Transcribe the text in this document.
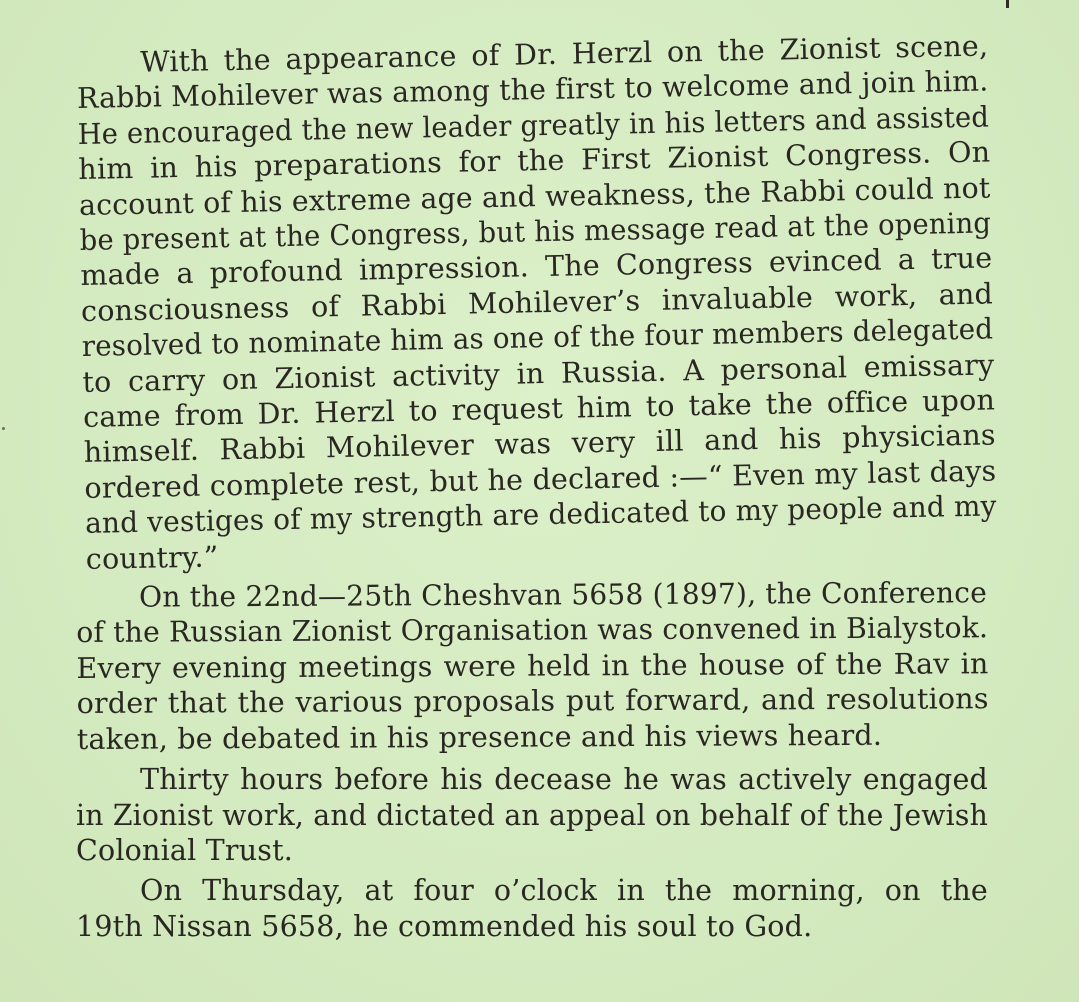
With the appearance of Dr. Herzl on the Zionist scene,
Rabbi Mohilever was among the first to welcome and join him.
He encouraged the new leader greatly in his letters and assisted
him in his preparations for the First Zionist Congress. On
account of his extreme age and weakness, the Rabbi could not
be present at the Congress, but his message read at the opening
made a profound impression. The Congress evinced a true
consciousness of Rabbi Mohilever’s invaluable work, and
resolved to nominate him as one of the four members delegated
to carry on Zionist activity in Russia. A personal emissary
came from Dr. Herzl to request him to take the office upon
himself. Rabbi Mohilever was very ill and his physicians
ordered complete rest, but he declared :—“ Even my last days
and vestiges of my strength are dedicated to my people and my
country.”
On the 22nd—25th Cheshvan 5658 (1897), the Conference
of the Russian Zionist Organisation was convened in Bialystok.
Every evening meetings were held in the house of the Rav in
order that the various proposals put forward, and resolutions
taken, be debated in his presence and his views heard.
Thirty hours before his decease he was actively engaged
in Zionist work, and dictated an appeal on behalf of the Jewish
Colonial Trust.
On Thursday, at four o’clock in the morning, on the
19th Nissan 5658, he commended his soul to God.
